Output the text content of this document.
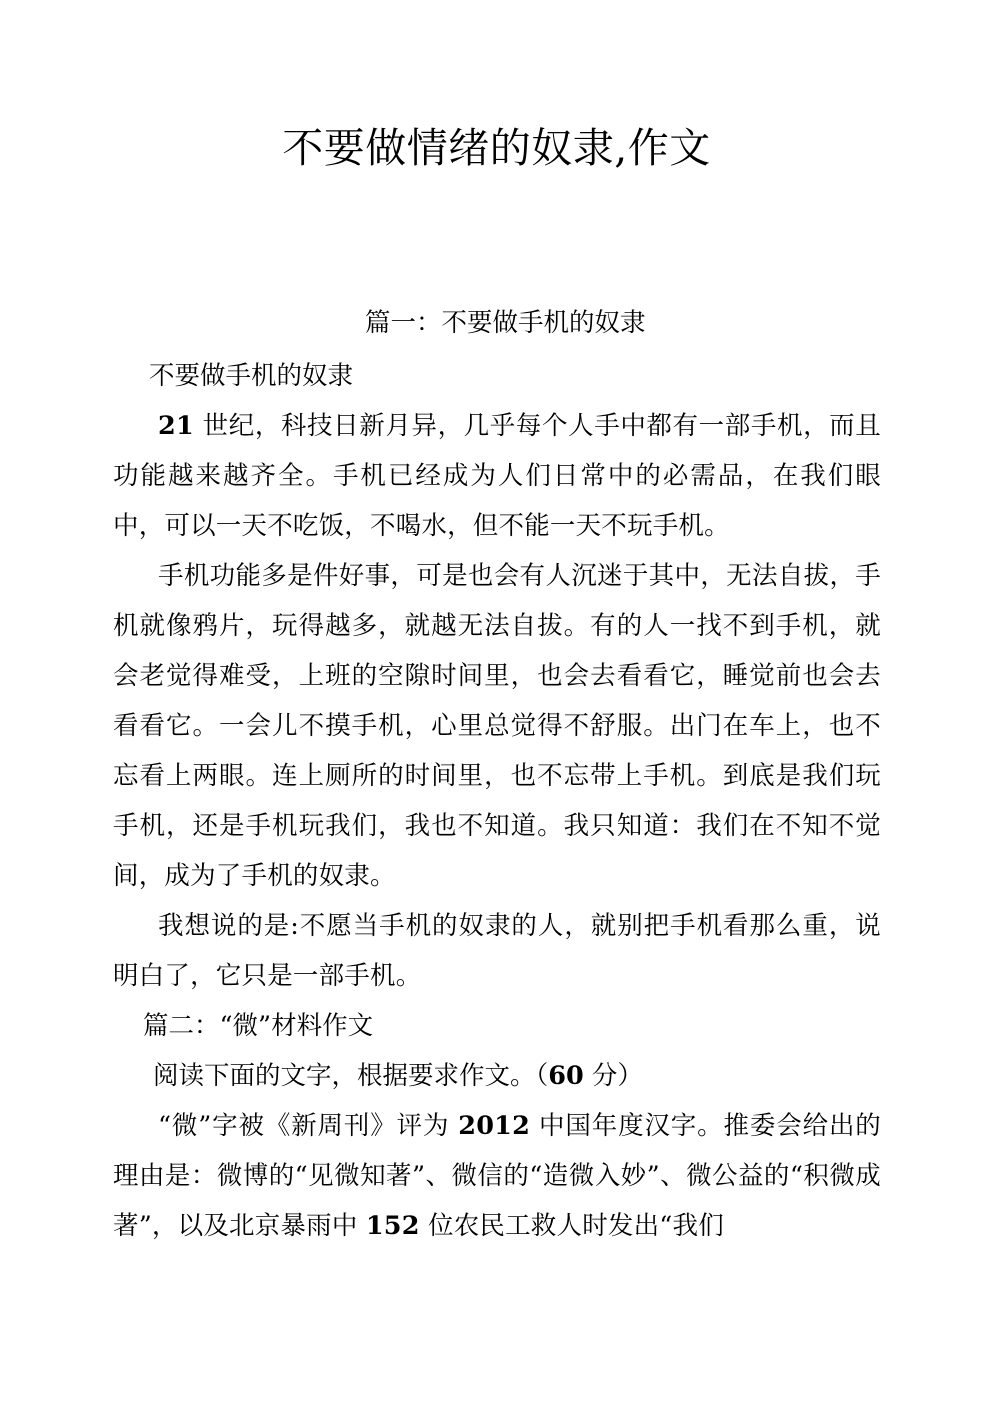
不要做情绪的奴隶,作文
篇一：不要做手机的奴隶
不要做手机的奴隶

21 世纪，科技日新月异，几乎每个人手中都有一部手机，而且功能越来越齐全。手机已经成为人们日常中的必需品，在我们眼中，可以一天不吃饭，不喝水，但不能一天不玩手机。

手机功能多是件好事，可是也会有人沉迷于其中，无法自拔，手机就像鸦片，玩得越多，就越无法自拔。有的人一找不到手机，就会老觉得难受，上班的空隙时间里，也会去看看它，睡觉前也会去看看它。一会儿不摸手机，心里总觉得不舒服。出门在车上，也不忘看上两眼。连上厕所的时间里，也不忘带上手机。到底是我们玩手机，还是手机玩我们，我也不知道。我只知道：我们在不知不觉间，成为了手机的奴隶。

我想说的是:不愿当手机的奴隶的人，就别把手机看那么重，说明白了，它只是一部手机。

篇二：“微”材料作文
阅读下面的文字，根据要求作文。（60 分）

“微”字被《新周刊》评为 2012 中国年度汉字。推委会给出的理由是：微博的“见微知著”、微信的“造微入妙”、微公益的“积微成著”，以及北京暴雨中 152 位农民工救人时发出“我们
